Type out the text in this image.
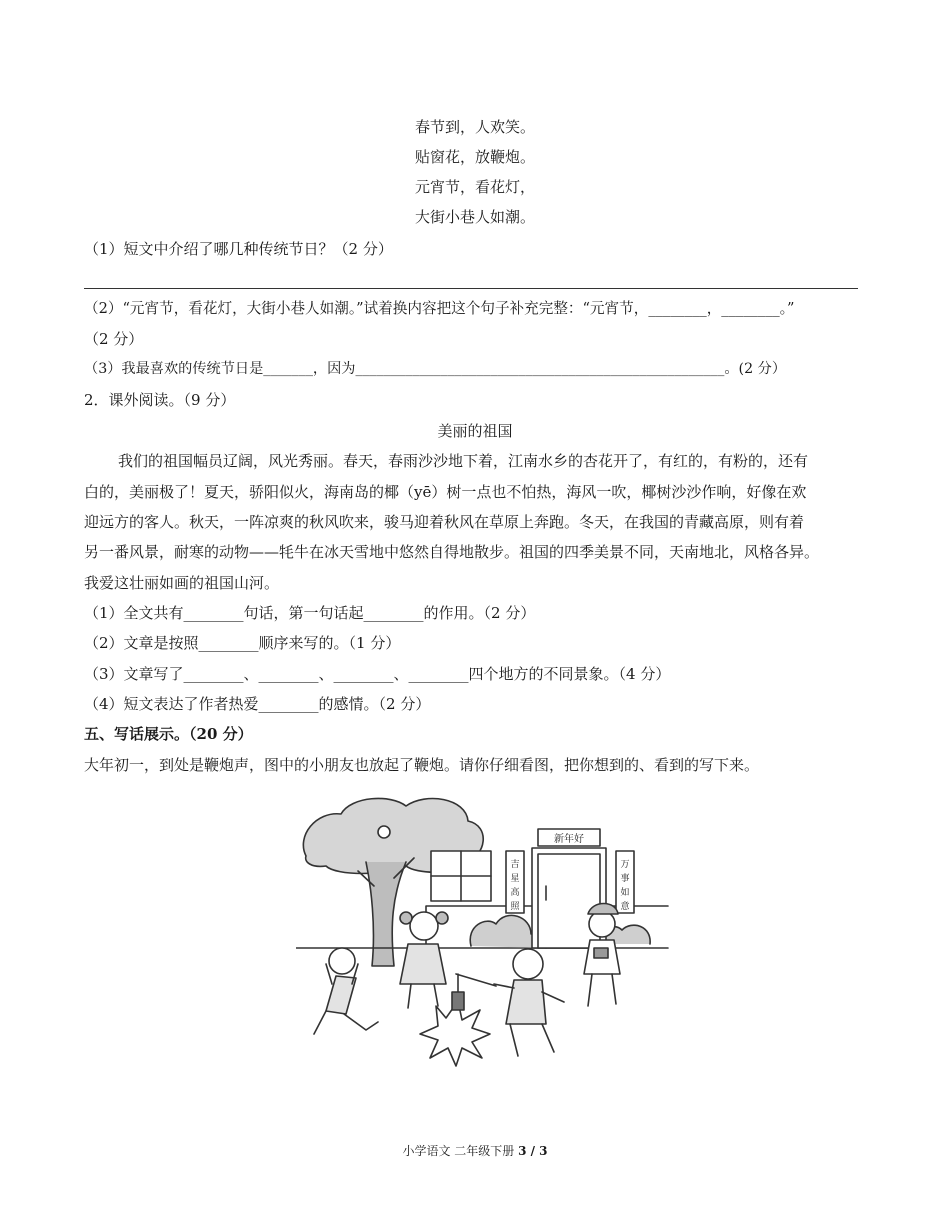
春节到，人欢笑。
贴窗花，放鞭炮。
元宵节，看花灯，
大街小巷人如潮。
（1）短文中介绍了哪几种传统节日？（2 分）
（2）“元宵节，看花灯，大街小巷人如潮。”试着换内容把这个句子补充完整：“元宵节，________，________。”
（2 分）
（3）我最喜欢的传统节日是_______，因为____________________________________________________。(2 分）
2．课外阅读。（9 分）
美丽的祖国
我们的祖国幅员辽阔，风光秀丽。春天，春雨沙沙地下着，江南水乡的杏花开了，有红的，有粉的，还有
白的，美丽极了！夏天，骄阳似火，海南岛的椰（yē）树一点也不怕热，海风一吹，椰树沙沙作响，好像在欢
迎远方的客人。秋天，一阵凉爽的秋风吹来，骏马迎着秋风在草原上奔跑。冬天，在我国的青藏高原，则有着
另一番风景，耐寒的动物——牦牛在冰天雪地中悠然自得地散步。祖国的四季美景不同，天南地北，风格各异。
我爱这壮丽如画的祖国山河。
（1）全文共有________句话，第一句话起________的作用。（2 分）
（2）文章是按照________顺序来写的。（1 分）
（3）文章写了________、________、________、________四个地方的不同景象。（4 分）
（4）短文表达了作者热爱________的感情。（2 分）
五、写话展示。（20 分）
大年初一，到处是鞭炮声，图中的小朋友也放起了鞭炮。请你仔细看图，把你想到的、看到的写下来。
新年好
吉
星
高
照
万
事
如
意
小学语文 二年级下册 3 / 3
